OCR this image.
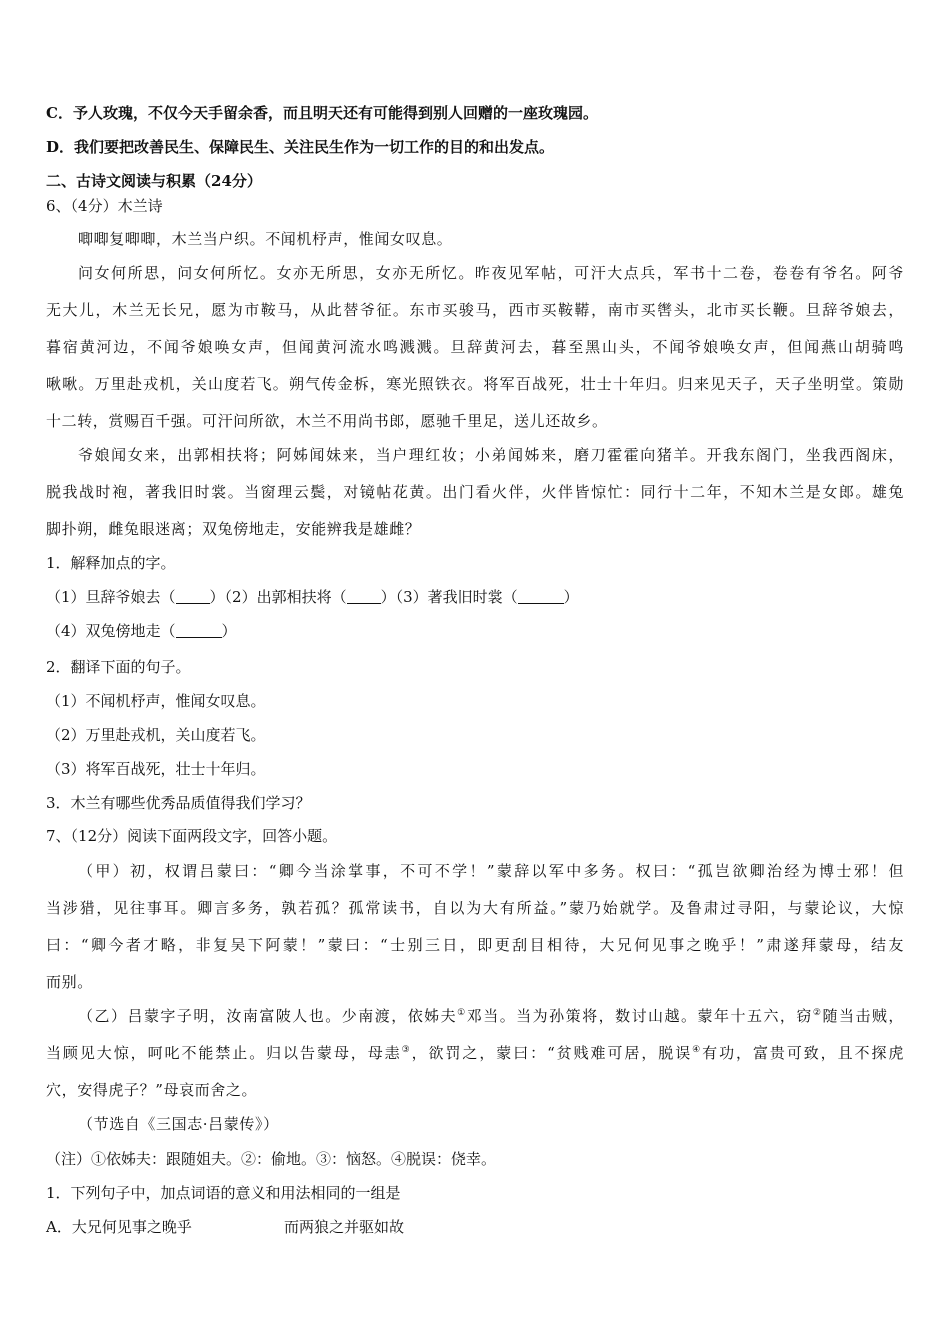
C．予人玫瑰，不仅今天手留余香，而且明天还有可能得到别人回赠的一座玫瑰园。
D．我们要把改善民生、保障民生、关注民生作为一切工作的目的和出发点。
二、古诗文阅读与积累（24分）
6、（4分）木兰诗
唧唧复唧唧，木兰当户织。不闻机杼声，惟闻女叹息。
问女何所思，问女何所忆。女亦无所思，女亦无所忆。昨夜见军帖，可汗大点兵，军书十二卷，卷卷有爷名。阿爷
无大儿，木兰无长兄，愿为市鞍马，从此替爷征。东市买骏马，西市买鞍鞯，南市买辔头，北市买长鞭。旦辞爷娘去，
暮宿黄河边，不闻爷娘唤女声，但闻黄河流水鸣溅溅。旦辞黄河去，暮至黑山头，不闻爷娘唤女声，但闻燕山胡骑鸣
啾啾。万里赴戎机，关山度若飞。朔气传金柝，寒光照铁衣。将军百战死，壮士十年归。归来见天子，天子坐明堂。策勋
十二转，赏赐百千强。可汗问所欲，木兰不用尚书郎，愿驰千里足，送儿还故乡。
爷娘闻女来，出郭相扶将；阿姊闻妹来，当户理红妆；小弟闻姊来，磨刀霍霍向猪羊。开我东阁门，坐我西阁床，
脱我战时袍，著我旧时裳。当窗理云鬓，对镜帖花黄。出门看火伴，火伴皆惊忙：同行十二年，不知木兰是女郎。雄兔
脚扑朔，雌兔眼迷离；双兔傍地走，安能辨我是雄雌？
1．解释加点的字。
（1）旦辞爷娘去（ ）（2）出郭相扶将（ ）（3）著我旧时裳（	）
（4）双兔傍地走（	）
2．翻译下面的句子。
（1）不闻机杼声，惟闻女叹息。
（2）万里赴戎机，关山度若飞。
（3）将军百战死，壮士十年归。
3．木兰有哪些优秀品质值得我们学习？
7、（12分）阅读下面两段文字，回答小题。
（甲）初，权谓吕蒙曰：“卿今当涂掌事，不可不学！”蒙辞以军中多务。权曰：“孤岂欲卿治经为博士邪！但
当涉猎，见往事耳。卿言多务，孰若孤？孤常读书，自以为大有所益。”蒙乃始就学。及鲁肃过寻阳，与蒙论议，大惊
曰：“卿今者才略，非复吴下阿蒙！”蒙曰：“士别三日，即更刮目相待，大兄何见事之晚乎！”肃遂拜蒙母，结友
而别。
（乙）吕蒙字子明，汝南富陂人也。少南渡，依姊夫①邓当。当为孙策将，数讨山越。蒙年十五六，窃②随当击贼，
当顾见大惊，呵叱不能禁止。归以告蒙母，母恚③，欲罚之，蒙曰：“贫贱难可居，脱误④有功，富贵可致，且不探虎
穴，安得虎子？”母哀而舍之。
（节选自《三国志·吕蒙传》）
（注）①依姊夫：跟随姐夫。②：偷地。③：恼怒。④脱误：侥幸。
1．下列句子中，加点词语的意义和用法相同的一组是
A．大兄何见事之晚乎	而两狼之并驱如故
